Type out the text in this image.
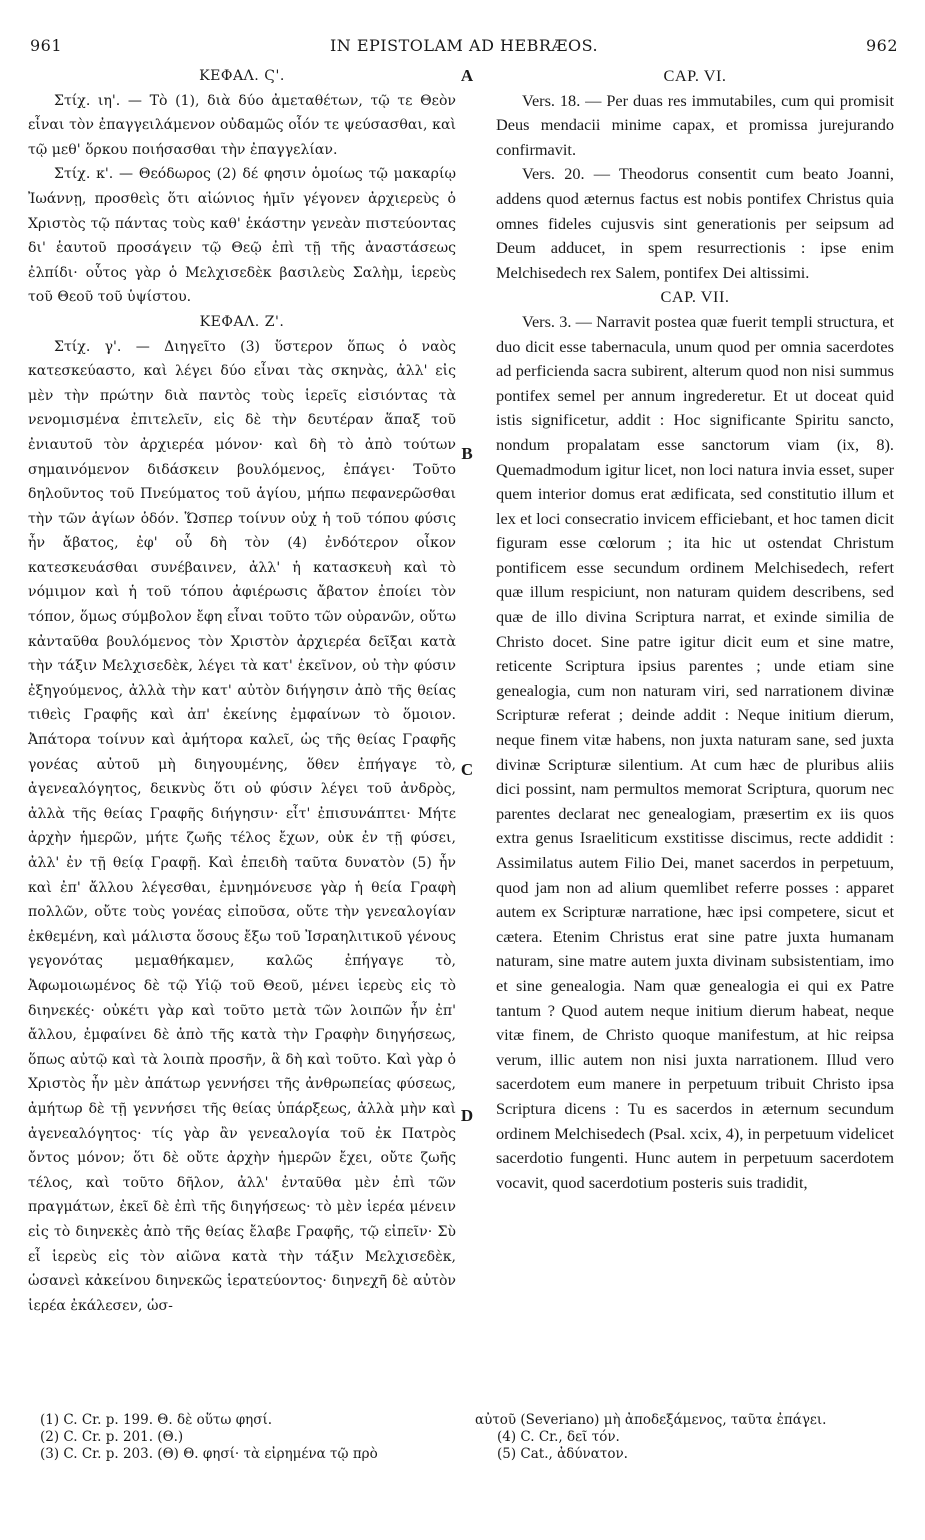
961	IN EPISTOLAM AD HEBRÆOS.	962
ΚΕΦΑΛ. Ϛ'.

Στίχ. ιη'. — Τὸ (1), διὰ δύο ἀμεταθέτων, τῷ τε Θεὸν εἶναι τὸν ἐπαγγειλάμενον οὐδαμῶς οἷόν τε ψεύσασθαι, καὶ τῷ μεθ' ὅρκου ποιήσασθαι τὴν ἐπαγγελίαν.

Στίχ. κ'. — Θεόδωρος (2) δέ φησιν ὁμοίως τῷ μακαρίῳ Ἰωάννῃ, προσθεὶς ὅτι αἰώνιος ἡμῖν γέγονεν ἀρχιερεὺς ὁ Χριστὸς τῷ πάντας τοὺς καθ' ἑκάστην γενεὰν πιστεύοντας δι' ἑαυτοῦ προσάγειν τῷ Θεῷ ἐπὶ τῇ τῆς ἀναστάσεως ἐλπίδι· οὗτος γὰρ ὁ Μελχισεδὲκ βασιλεὺς Σαλὴμ, ἱερεὺς τοῦ Θεοῦ τοῦ ὑψίστου.

ΚΕΦΑΛ. Ζ'.

Στίχ. γ'. — Διηγεῖτο (3) ὕστερον ὅπως ὁ ναὸς κατεσκεύαστο, καὶ λέγει δύο εἶναι τὰς σκηνὰς, ἀλλ' εἰς μὲν τὴν πρώτην διὰ παντὸς τοὺς ἱερεῖς εἰσιόντας τὰ νενομισμένα ἐπιτελεῖν, εἰς δὲ τὴν δευτέραν ἅπαξ τοῦ ἐνιαυτοῦ τὸν ἀρχιερέα μόνον· καὶ δὴ τὸ ἀπὸ τούτων σημαινόμενον διδάσκειν βουλόμενος, ἐπάγει· Τοῦτο δηλοῦντος τοῦ Πνεύματος τοῦ ἁγίου, μήπω πεφανερῶσθαι τὴν τῶν ἁγίων ὁδόν. Ὥσπερ τοίνυν οὐχ ἡ τοῦ τόπου φύσις ἦν ἄβατος, ἐφ' οὗ δὴ τὸν (4) ἐνδότερον οἶκον κατεσκευάσθαι συνέβαινεν, ἀλλ' ἡ κατασκευὴ καὶ τὸ νόμιμον καὶ ἡ τοῦ τόπου ἀφιέρωσις ἄβατον ἐποίει τὸν τόπον, ὅμως σύμβολον ἔφη εἶναι τοῦτο τῶν οὐρανῶν, οὕτω κἀνταῦθα βουλόμενος τὸν Χριστὸν ἀρχιερέα δεῖξαι κατὰ τὴν τάξιν Μελχισεδὲκ, λέγει τὰ κατ' ἐκεῖνον, οὐ τὴν φύσιν ἐξηγούμενος, ἀλλὰ τὴν κατ' αὐτὸν διήγησιν ἀπὸ τῆς θείας τιθεὶς Γραφῆς καὶ ἀπ' ἐκείνης ἐμφαίνων τὸ ὅμοιον. Ἀπάτορα τοίνυν καὶ ἀμήτορα καλεῖ, ὡς τῆς θείας Γραφῆς γονέας αὐτοῦ μὴ διηγουμένης, ὅθεν ἐπήγαγε τὸ, ἀγενεαλόγητος, δεικνὺς ὅτι οὐ φύσιν λέγει τοῦ ἀνδρὸς, ἀλλὰ τῆς θείας Γραφῆς διήγησιν· εἶτ' ἐπισυνάπτει· Μήτε ἀρχὴν ἡμερῶν, μήτε ζωῆς τέλος ἔχων, οὐκ ἐν τῇ φύσει, ἀλλ' ἐν τῇ θείᾳ Γραφῇ. Καὶ ἐπειδὴ ταῦτα δυνατὸν (5) ἦν καὶ ἐπ' ἄλλου λέγεσθαι, ἐμνημόνευσε γὰρ ἡ θεία Γραφὴ πολλῶν, οὔτε τοὺς γονέας εἰποῦσα, οὔτε τὴν γενεαλογίαν ἐκθεμένη, καὶ μάλιστα ὅσους ἔξω τοῦ Ἰσραηλιτικοῦ γένους γεγονότας μεμαθήκαμεν, καλῶς ἐπήγαγε τὸ, Ἀφωμοιωμένος δὲ τῷ Υἱῷ τοῦ Θεοῦ, μένει ἱερεὺς εἰς τὸ διηνεκές· οὐκέτι γὰρ καὶ τοῦτο μετὰ τῶν λοιπῶν ἦν ἐπ' ἄλλου, ἐμφαίνει δὲ ἀπὸ τῆς κατὰ τὴν Γραφὴν διηγήσεως, ὅπως αὐτῷ καὶ τὰ λοιπὰ προσῆν, ἃ δὴ καὶ τοῦτο. Καὶ γὰρ ὁ Χριστὸς ἦν μὲν ἀπάτωρ γεννήσει τῆς ἀνθρωπείας φύσεως, ἀμήτωρ δὲ τῇ γεννήσει τῆς θείας ὑπάρξεως, ἀλλὰ μὴν καὶ ἀγενεαλόγητος· τίς γὰρ ἂν γενεαλογία τοῦ ἐκ Πατρὸς ὄντος μόνον; ὅτι δὲ οὔτε ἀρχὴν ἡμερῶν ἔχει, οὔτε ζωῆς τέλος, καὶ τοῦτο δῆλον, ἀλλ' ἐνταῦθα μὲν ἐπὶ τῶν πραγμάτων, ἐκεῖ δὲ ἐπὶ τῆς διηγήσεως· τὸ μὲν ἱερέα μένειν εἰς τὸ διηνεκὲς ἀπὸ τῆς θείας ἔλαβε Γραφῆς, τῷ εἰπεῖν· Σὺ εἶ ἱερεὺς εἰς τὸν αἰῶνα κατὰ τὴν τάξιν Μελχισεδὲκ, ὡσανεὶ κἀκείνου διηνεκῶς ἱερατεύοντος· διηνεχῆ δὲ αὐτὸν ἱερέα ἐκάλεσεν, ὡσ-

A
B
C
D
CAP. VI.

Vers. 18. — Per duas res immutabiles, cum qui promisit Deus mendacii minime capax, et promissa jurejurando confirmavit.

Vers. 20. — Theodorus consentit cum beato Joanni, addens quod æternus factus est nobis pontifex Christus quia omnes fideles cujusvis sint generationis per seipsum ad Deum adducet, in spem resurrectionis : ipse enim Melchisedech rex Salem, pontifex Dei altissimi.

CAP. VII.

Vers. 3. — Narravit postea quæ fuerit templi structura, et duo dicit esse tabernacula, unum quod per omnia sacerdotes ad perficienda sacra subirent, alterum quod non nisi summus pontifex semel per annum ingrederetur. Et ut doceat quid istis significetur, addit : Hoc significante Spiritu sancto, nondum propalatam esse sanctorum viam (ix, 8). Quemadmodum igitur licet, non loci natura invia esset, super quem interior domus erat ædificata, sed constitutio illum et lex et loci consecratio invicem efficiebant, et hoc tamen dicit figuram esse cœlorum ; ita hic ut ostendat Christum pontificem esse secundum ordinem Melchisedech, refert quæ illum respiciunt, non naturam quidem describens, sed quæ de illo divina Scriptura narrat, et exinde similia de Christo docet. Sine patre igitur dicit eum et sine matre, reticente Scriptura ipsius parentes ; unde etiam sine genealogia, cum non naturam viri, sed narrationem divinæ Scripturæ referat ; deinde addit : Neque initium dierum, neque finem vitæ habens, non juxta naturam sane, sed juxta divinæ Scripturæ silentium. At cum hæc de pluribus aliis dici possint, nam permultos memorat Scriptura, quorum nec parentes declarat nec genealogiam, præsertim ex iis quos extra genus Israeliticum exstitisse discimus, recte addidit : Assimilatus autem Filio Dei, manet sacerdos in perpetuum, quod jam non ad alium quemlibet referre posses : apparet autem ex Scripturæ narratione, hæc ipsi competere, sicut et cætera. Etenim Christus erat sine patre juxta humanam naturam, sine matre autem juxta divinam subsistentiam, imo et sine genealogia. Nam quæ genealogia ei qui ex Patre tantum ? Quod autem neque initium dierum habeat, neque vitæ finem, de Christo quoque manifestum, at hic reipsa verum, illic autem non nisi juxta narrationem. Illud vero sacerdotem eum manere in perpetuum tribuit Christo ipsa Scriptura dicens : Tu es sacerdos in æternum secundum ordinem Melchisedech (Psal. xcix, 4), in perpetuum videlicet sacerdotio fungenti. Hunc autem in perpetuum sacerdotem vocavit, quod sacerdotium posteris suis tradidit,

(1) C. Cr. p. 199. Θ. δὲ οὕτω φησί.
(2) C. Cr. p. 201. (Θ.)
(3) C. Cr. p. 203. (Θ) Θ. φησί· τὰ εἰρημένα τῷ πρὸ
αὐτοῦ (Severiano) μὴ ἀποδεξάμενος, ταῦτα ἐπάγει.
(4) C. Cr., δεῖ τόν.
(5) Cat., ἀδύνατον.
